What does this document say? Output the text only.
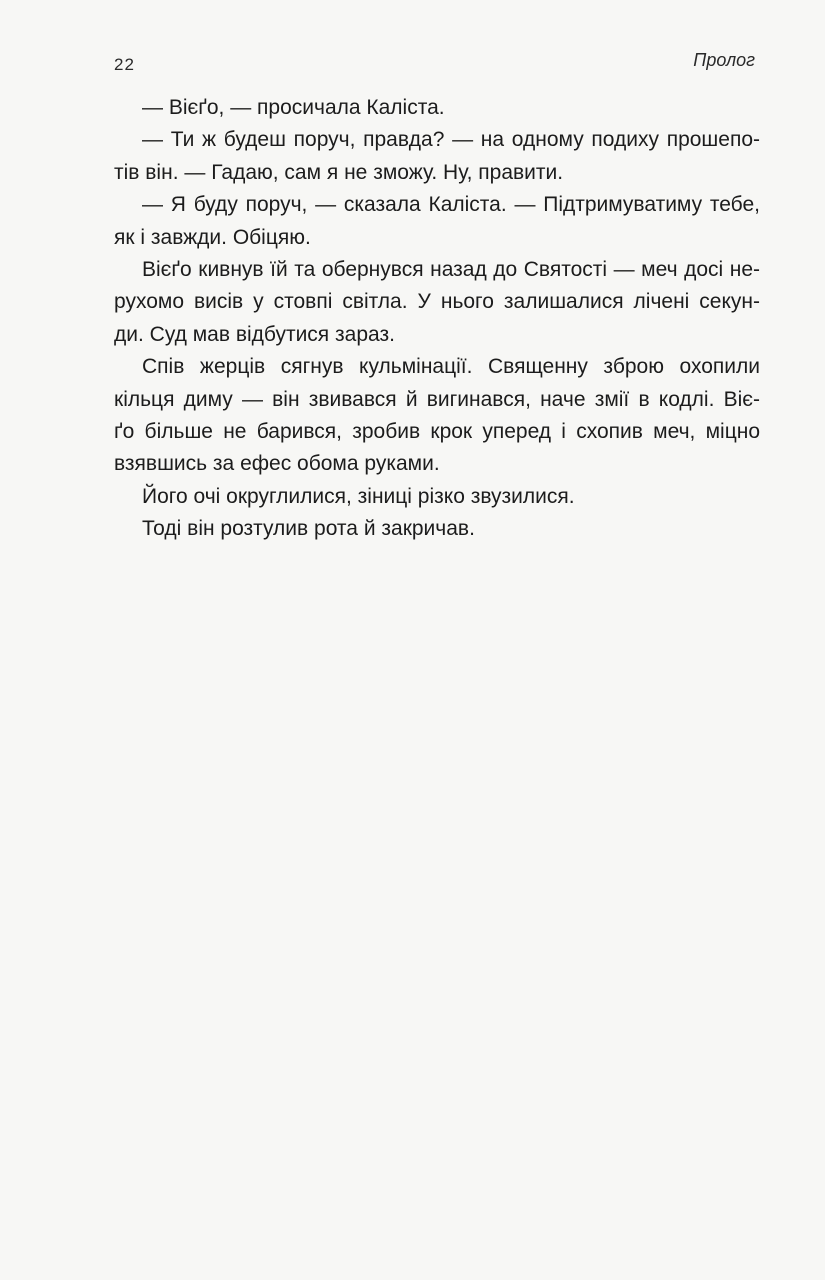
22	Пролог
— Вієґо, — просичала Каліста.
— Ти ж будеш поруч, правда? — на одному подиху прошепо-
тів він. — Гадаю, сам я не зможу. Ну, правити.
— Я буду поруч, — сказала Каліста. — Підтримуватиму тебе,
як і завжди. Обіцяю.
Вієґо кивнув їй та обернувся назад до Святості — меч досі не-
рухомо висів у стовпі світла. У нього залишалися лічені секун-
ди. Суд мав відбутися зараз.
Спів жерців сягнув кульмінації. Священну зброю охопили
кільця диму — він звивався й вигинався, наче змії в кодлі. Віє-
ґо більше не барився, зробив крок уперед і схопив меч, міцно
взявшись за ефес обома руками.
Його очі округлилися, зіниці різко звузилися.
Тоді він розтулив рота й закричав.
